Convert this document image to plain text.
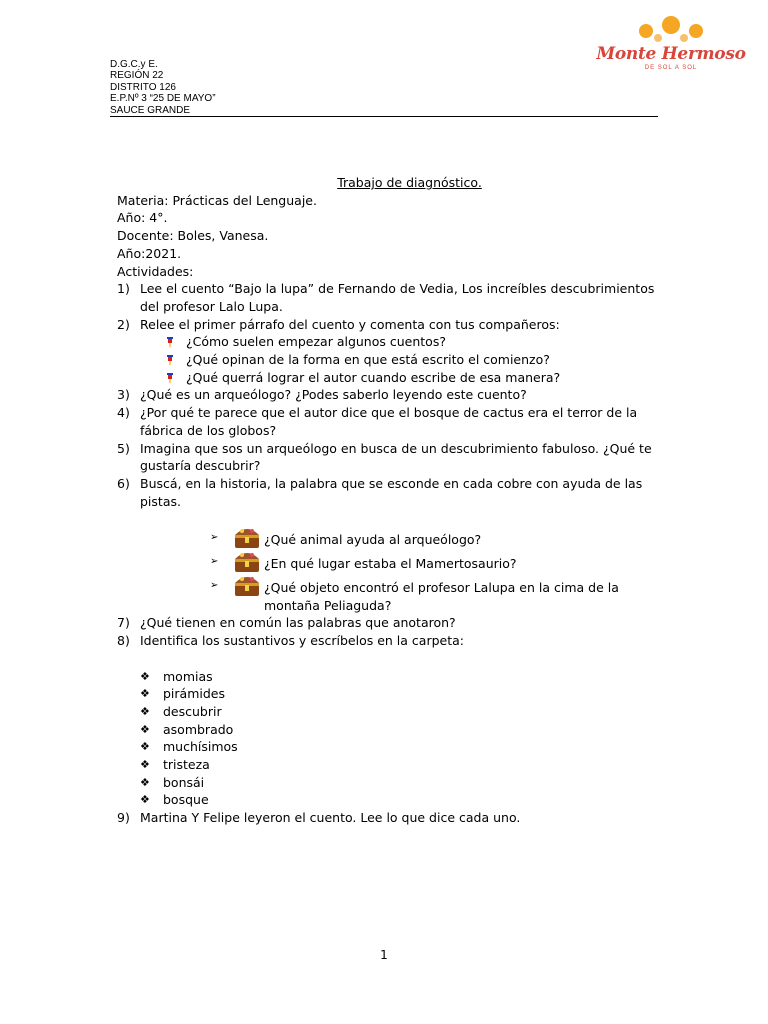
D.G.C.y E.
REGIÓN 22
DISTRITO 126
E.P.Nº 3 “25 DE MAYO”
SAUCE GRANDE
Monte Hermoso
DE SOL A SOL
Trabajo de diagnóstico.
Materia: Prácticas del Lenguaje.
Año: 4°.
Docente: Boles, Vanesa.
Año:2021.
Actividades:
1) Lee el cuento “Bajo la lupa” de Fernando de Vedia, Los increíbles descubrimientos del profesor Lalo Lupa.
2) Relee el primer párrafo del cuento y comenta con tus compañeros:
¿Cómo suelen empezar algunos cuentos?
¿Qué opinan de la forma en que está escrito el comienzo?
¿Qué querrá lograr el autor cuando escribe de esa manera?
3) ¿Qué es un arqueólogo? ¿Podes saberlo leyendo este cuento?
4) ¿Por qué te parece que el autor dice que el bosque de cactus era el terror de la fábrica de los globos?
5) Imagina que sos un arqueólogo en busca de un descubrimiento fabuloso. ¿Qué te gustaría descubrir?
6) Buscá, en la historia, la palabra que se esconde en cada cobre con ayuda de las pistas.
➢	¿Qué animal ayuda al arqueólogo?
➢	¿En qué lugar estaba el Mamertosaurio?
➢	¿Qué objeto encontró el profesor Lalupa en la cima de la montaña Peliaguda?
7) ¿Qué tienen en común las palabras que anotaron?
8) Identifica los sustantivos y escríbelos en la carpeta:
❖	momias
❖	pirámides
❖	descubrir
❖	asombrado
❖	muchísimos
❖	tristeza
❖	bonsái
❖	bosque
9) Martina Y Felipe leyeron el cuento. Lee lo que dice cada uno.
1
